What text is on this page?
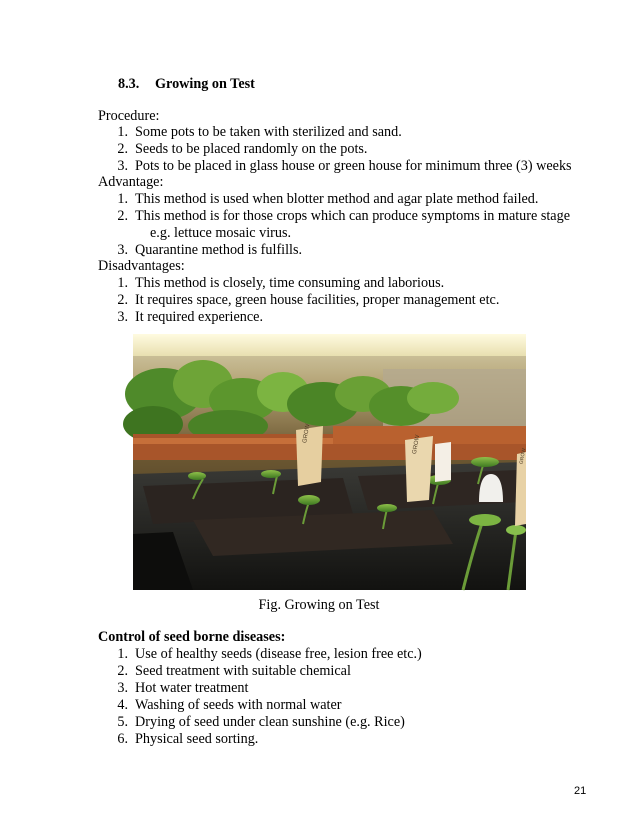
8.3. Growing on Test
Procedure:
1. Some pots to be taken with sterilized and sand.
2. Seeds to be placed randomly on the pots.
3. Pots to be placed in glass house or green house for minimum three (3) weeks
Advantage:
1. This method is used when blotter method and agar plate method failed.
2. This method is for those crops which can produce symptoms in mature stage
e.g. lettuce mosaic virus.
3. Quarantine method is fulfills.
Disadvantages:
1. This method is closely, time consuming and laborious.
2. It requires space, green house facilities, proper management etc.
3. It required experience.
GROW
GROW
GROW
Fig. Growing on Test
Control of seed borne diseases:
1. Use of healthy seeds (disease free, lesion free etc.)
2. Seed treatment with suitable chemical
3. Hot water treatment
4. Washing of seeds with normal water
5. Drying of seed under clean sunshine (e.g. Rice)
6. Physical seed sorting.
21
